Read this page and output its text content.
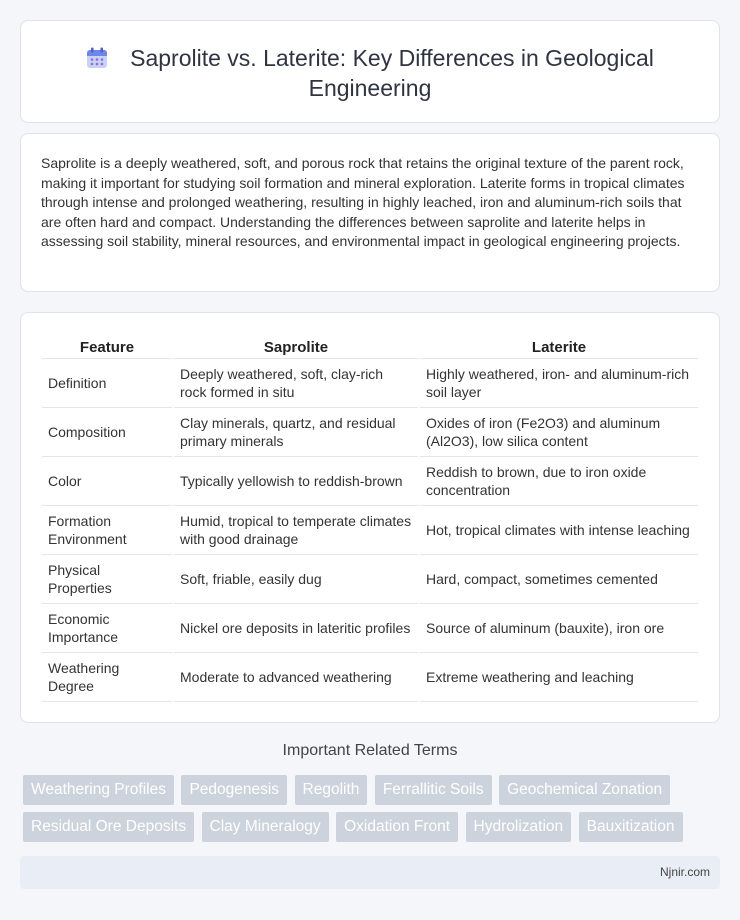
Saprolite vs. Laterite: Key Differences in Geological Engineering

Saprolite is a deeply weathered, soft, and porous rock that retains the original texture of the parent rock, making it important for studying soil formation and mineral exploration. Laterite forms in tropical climates through intense and prolonged weathering, resulting in highly leached, iron and aluminum-rich soils that are often hard and compact. Understanding the differences between saprolite and laterite helps in assessing soil stability, mineral resources, and environmental impact in geological engineering projects.

Feature	Saprolite	Laterite
Definition	Deeply weathered, soft, clay-rich rock formed in situ	Highly weathered, iron- and aluminum-rich soil layer
Composition	Clay minerals, quartz, and residual primary minerals	Oxides of iron (Fe2O3) and aluminum (Al2O3), low silica content
Color	Typically yellowish to reddish-brown	Reddish to brown, due to iron oxide concentration
Formation Environment	Humid, tropical to temperate climates with good drainage	Hot, tropical climates with intense leaching
Physical Properties	Soft, friable, easily dug	Hard, compact, sometimes cemented
Economic Importance	Nickel ore deposits in lateritic profiles	Source of aluminum (bauxite), iron ore
Weathering Degree	Moderate to advanced weathering	Extreme weathering and leaching
Important Related Terms
Weathering Profiles Pedogenesis Regolith Ferrallitic Soils Geochemical Zonation Residual Ore Deposits Clay Mineralogy Oxidation Front Hydrolization Bauxitization
Njnir.com
